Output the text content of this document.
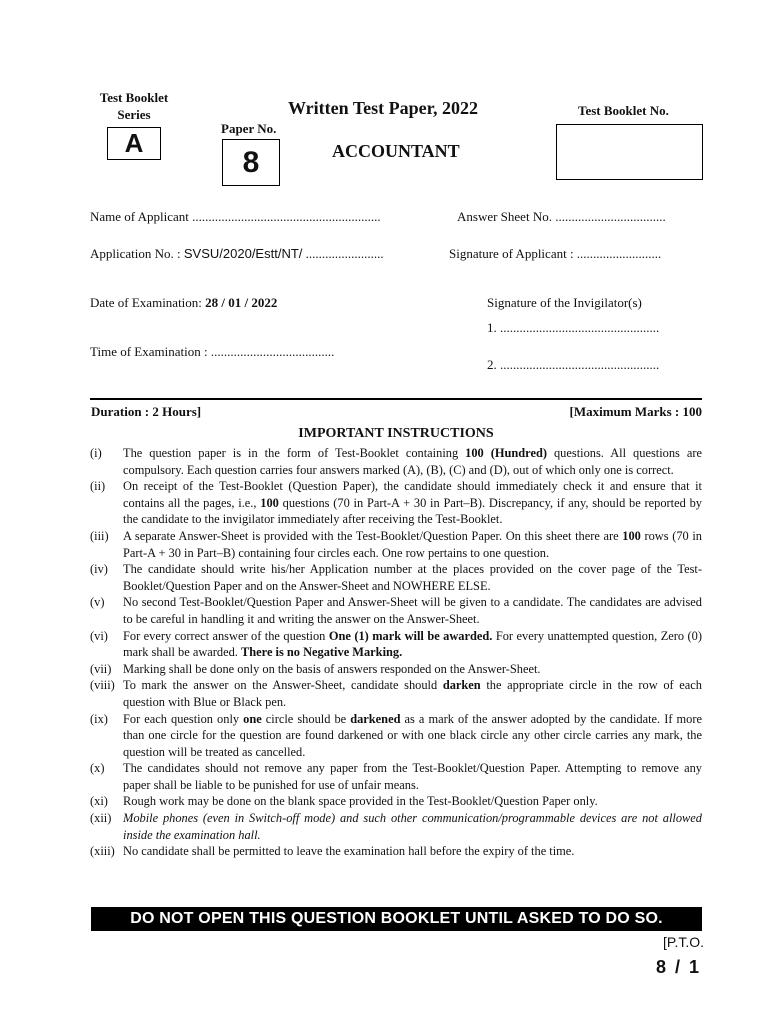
Test Booklet Series
A
Written Test Paper, 2022
Paper No.
8	ACCOUNTANT
Test Booklet No.
Name of Applicant ..........................................................	Answer Sheet No. ..................................
Application No. : SVSU/2020/Estt/NT/ ........................	Signature of Applicant : ..........................
Date of Examination: 28 / 01 / 2022	Signature of the Invigilator(s)
1. .................................................
Time of Examination : ......................................
2. .................................................
Duration : 2 Hours]	[Maximum Marks : 100
IMPORTANT INSTRUCTIONS
(i)	The question paper is in the form of Test-Booklet containing 100 (Hundred) questions. All questions are compulsory. Each question carries four answers marked (A), (B), (C) and (D), out of which only one is correct.
(ii)	On receipt of the Test-Booklet (Question Paper), the candidate should immediately check it and ensure that it contains all the pages, i.e., 100 questions (70 in Part-A + 30 in Part–B). Discrepancy, if any, should be reported by the candidate to the invigilator immediately after receiving the Test-Booklet.
(iii)	A separate Answer-Sheet is provided with the Test-Booklet/Question Paper. On this sheet there are 100 rows (70 in Part-A + 30 in Part–B) containing four circles each. One row pertains to one question.
(iv)	The candidate should write his/her Application number at the places provided on the cover page of the Test-Booklet/Question Paper and on the Answer-Sheet and NOWHERE ELSE.
(v)	No second Test-Booklet/Question Paper and Answer-Sheet will be given to a candidate. The candidates are advised to be careful in handling it and writing the answer on the Answer-Sheet.
(vi)	For every correct answer of the question One (1) mark will be awarded. For every unattempted question, Zero (0) mark shall be awarded. There is no Negative Marking.
(vii) Marking shall be done only on the basis of answers responded on the Answer-Sheet.
(viii) To mark the answer on the Answer-Sheet, candidate should darken the appropriate circle in the row of each question with Blue or Black pen.
(ix)	For each question only one circle should be darkened as a mark of the answer adopted by the candidate. If more than one circle for the question are found darkened or with one black circle any other circle carries any mark, the question will be treated as cancelled.
(x)	The candidates should not remove any paper from the Test-Booklet/Question Paper. Attempting to remove any paper shall be liable to be punished for use of unfair means.
(xi)	Rough work may be done on the blank space provided in the Test-Booklet/Question Paper only.
(xii) Mobile phones (even in Switch-off mode) and such other communication/programmable devices are not allowed inside the examination hall.
(xiii) No candidate shall be permitted to leave the examination hall before the expiry of the time.
DO NOT OPEN THIS QUESTION BOOKLET UNTIL ASKED TO DO SO.
[P.T.O.
8 / 1
